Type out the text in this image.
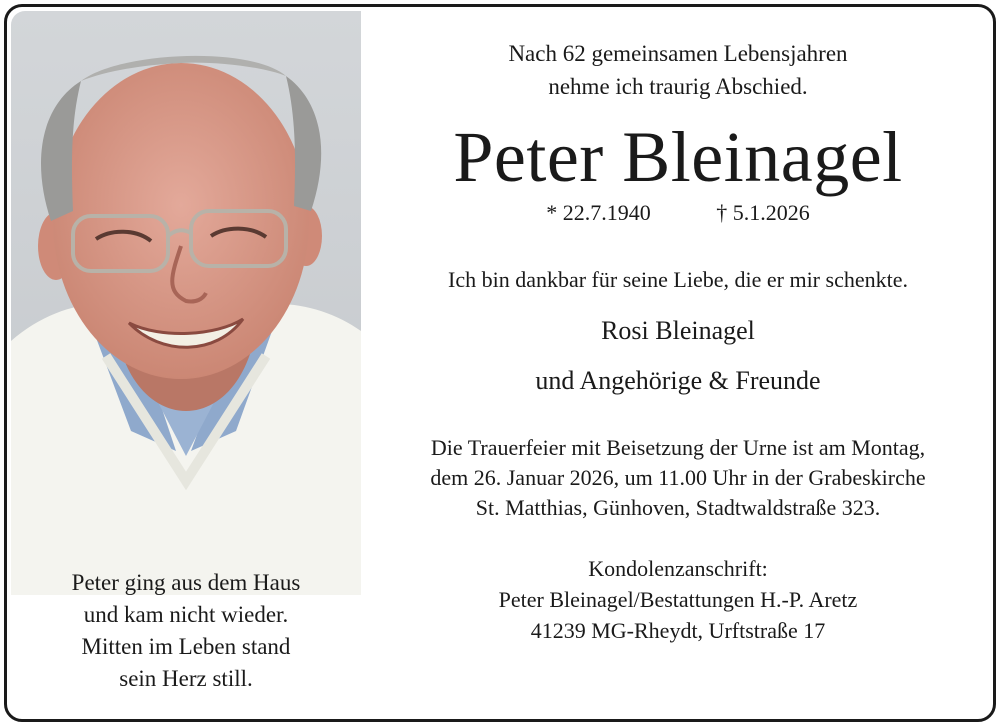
Peter ging aus dem Haus
und kam nicht wieder.
Mitten im Leben stand
sein Herz still.
Nach 62 gemeinsamen Lebensjahren
nehme ich traurig Abschied.
Peter Bleinagel
* 22.7.1940	† 5.1.2026
Ich bin dankbar für seine Liebe, die er mir schenkte.
Rosi Bleinagel
und Angehörige & Freunde
Die Trauerfeier mit Beisetzung der Urne ist am Montag,
dem 26. Januar 2026, um 11.00 Uhr in der Grabeskirche
St. Matthias, Günhoven, Stadtwaldstraße 323.
Kondolenzanschrift:
Peter Bleinagel/Bestattungen H.-P. Aretz
41239 MG-Rheydt, Urftstraße 17
